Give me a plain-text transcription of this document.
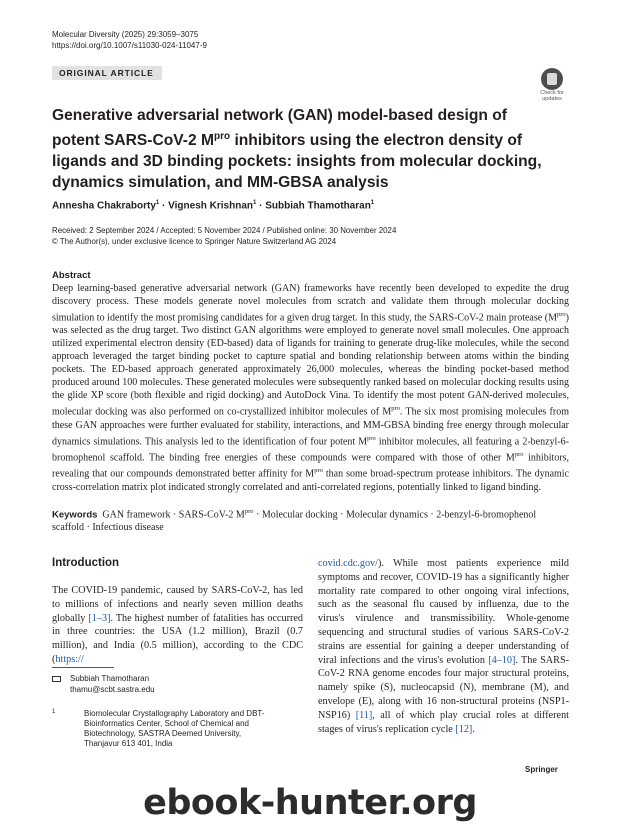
Molecular Diversity (2025) 29:3059–3075
https://doi.org/10.1007/s11030-024-11047-9
ORIGINAL ARTICLE
Check for updates
Generative adversarial network (GAN) model-based design of potent SARS-CoV-2 $M^{pro}$ inhibitors using the electron density of ligands and 3D binding pockets: insights from molecular docking, dynamics simulation, and MM-GBSA analysis
Annesha Chakraborty$^1$ · Vignesh Krishnan$^1$ · Subbiah Thamotharan$^1$
Received: 2 September 2024 / Accepted: 5 November 2024 / Published online: 30 November 2024
© The Author(s), under exclusive licence to Springer Nature Switzerland AG 2024
Abstract
Deep learning-based generative adversarial network (GAN) frameworks have recently been developed to expedite the drug discovery process. These models generate novel molecules from scratch and validate them through molecular docking simulation to identify the most promising candidates for a given drug target. In this study, the SARS-CoV-2 main protease $(M^{pro})$ was selected as the drug target. Two distinct GAN algorithms were employed to generate novel small molecules. One approach utilized experimental electron density (ED-based) data of ligands for training to generate drug-like molecules, while the second approach leveraged the target binding pocket to capture spatial and bonding relationship between atoms within the binding pockets. The ED-based approach generated approximately 26,000 molecules, whereas the binding pocket-based method produced around 100 molecules. These generated molecules were subsequently ranked based on molecular docking results using the glide XP score (both flexible and rigid docking) and AutoDock Vina. To identify the most potent GAN-derived molecules, molecular docking was also performed on co-crystallized inhibitor molecules of $M^{pro}$. The six most promising molecules from these GAN approaches were further evaluated for stability, interactions, and MM-GBSA binding free energy through molecular dynamics simulations. This analysis led to the identification of four potent $M^{pro}$ inhibitor molecules, all featuring a 2-benzyl-6-bromophenol scaffold. The binding free energies of these compounds were compared with those of other $M^{pro}$ inhibitors, revealing that our compounds demonstrated better affinity for $M^{pro}$ than some broad-spectrum protease inhibitors. The dynamic cross-correlation matrix plot indicated strongly correlated and anti-correlated regions, potentially linked to ligand binding.
Keywords GAN framework · SARS-CoV-2 $M^{pro}$ · Molecular docking · Molecular dynamics · 2-benzyl-6-bromophenol scaffold · Infectious disease
Introduction
The COVID-19 pandemic, caused by SARS-CoV-2, has led to millions of infections and nearly seven million deaths globally [1–3]. The highest number of fatalities has occurred in three countries: the USA (1.2 million), Brazil (0.7 million), and India (0.5 million), according to the CDC (https://
covid.cdc.gov/). While most patients experience mild symptoms and recover, COVID-19 has a significantly higher mortality rate compared to other ongoing viral infections, such as the seasonal flu caused by influenza, due to the virus's virulence and transmissibility. Whole-genome sequencing and structural studies of various SARS-CoV-2 strains are essential for gaining a deeper understanding of viral infections and the virus's evolution [4–10]. The SARS-CoV-2 RNA genome encodes four major structural proteins, namely spike (S), nucleocapsid (N), membrane (M), and envelope (E), along with 16 non-structural proteins (NSP1-NSP16) [11], all of which play crucial roles at different stages of virus's replication cycle [12].
Subbiah Thamotharan
thamu@scbt.sastra.edu
1	Biomolecular Crystallography Laboratory and DBT-Bioinformatics Center, School of Chemical and Biotechnology, SASTRA Deemed University, Thanjavur 613 401, India
Springer
ebook-hunter.org
